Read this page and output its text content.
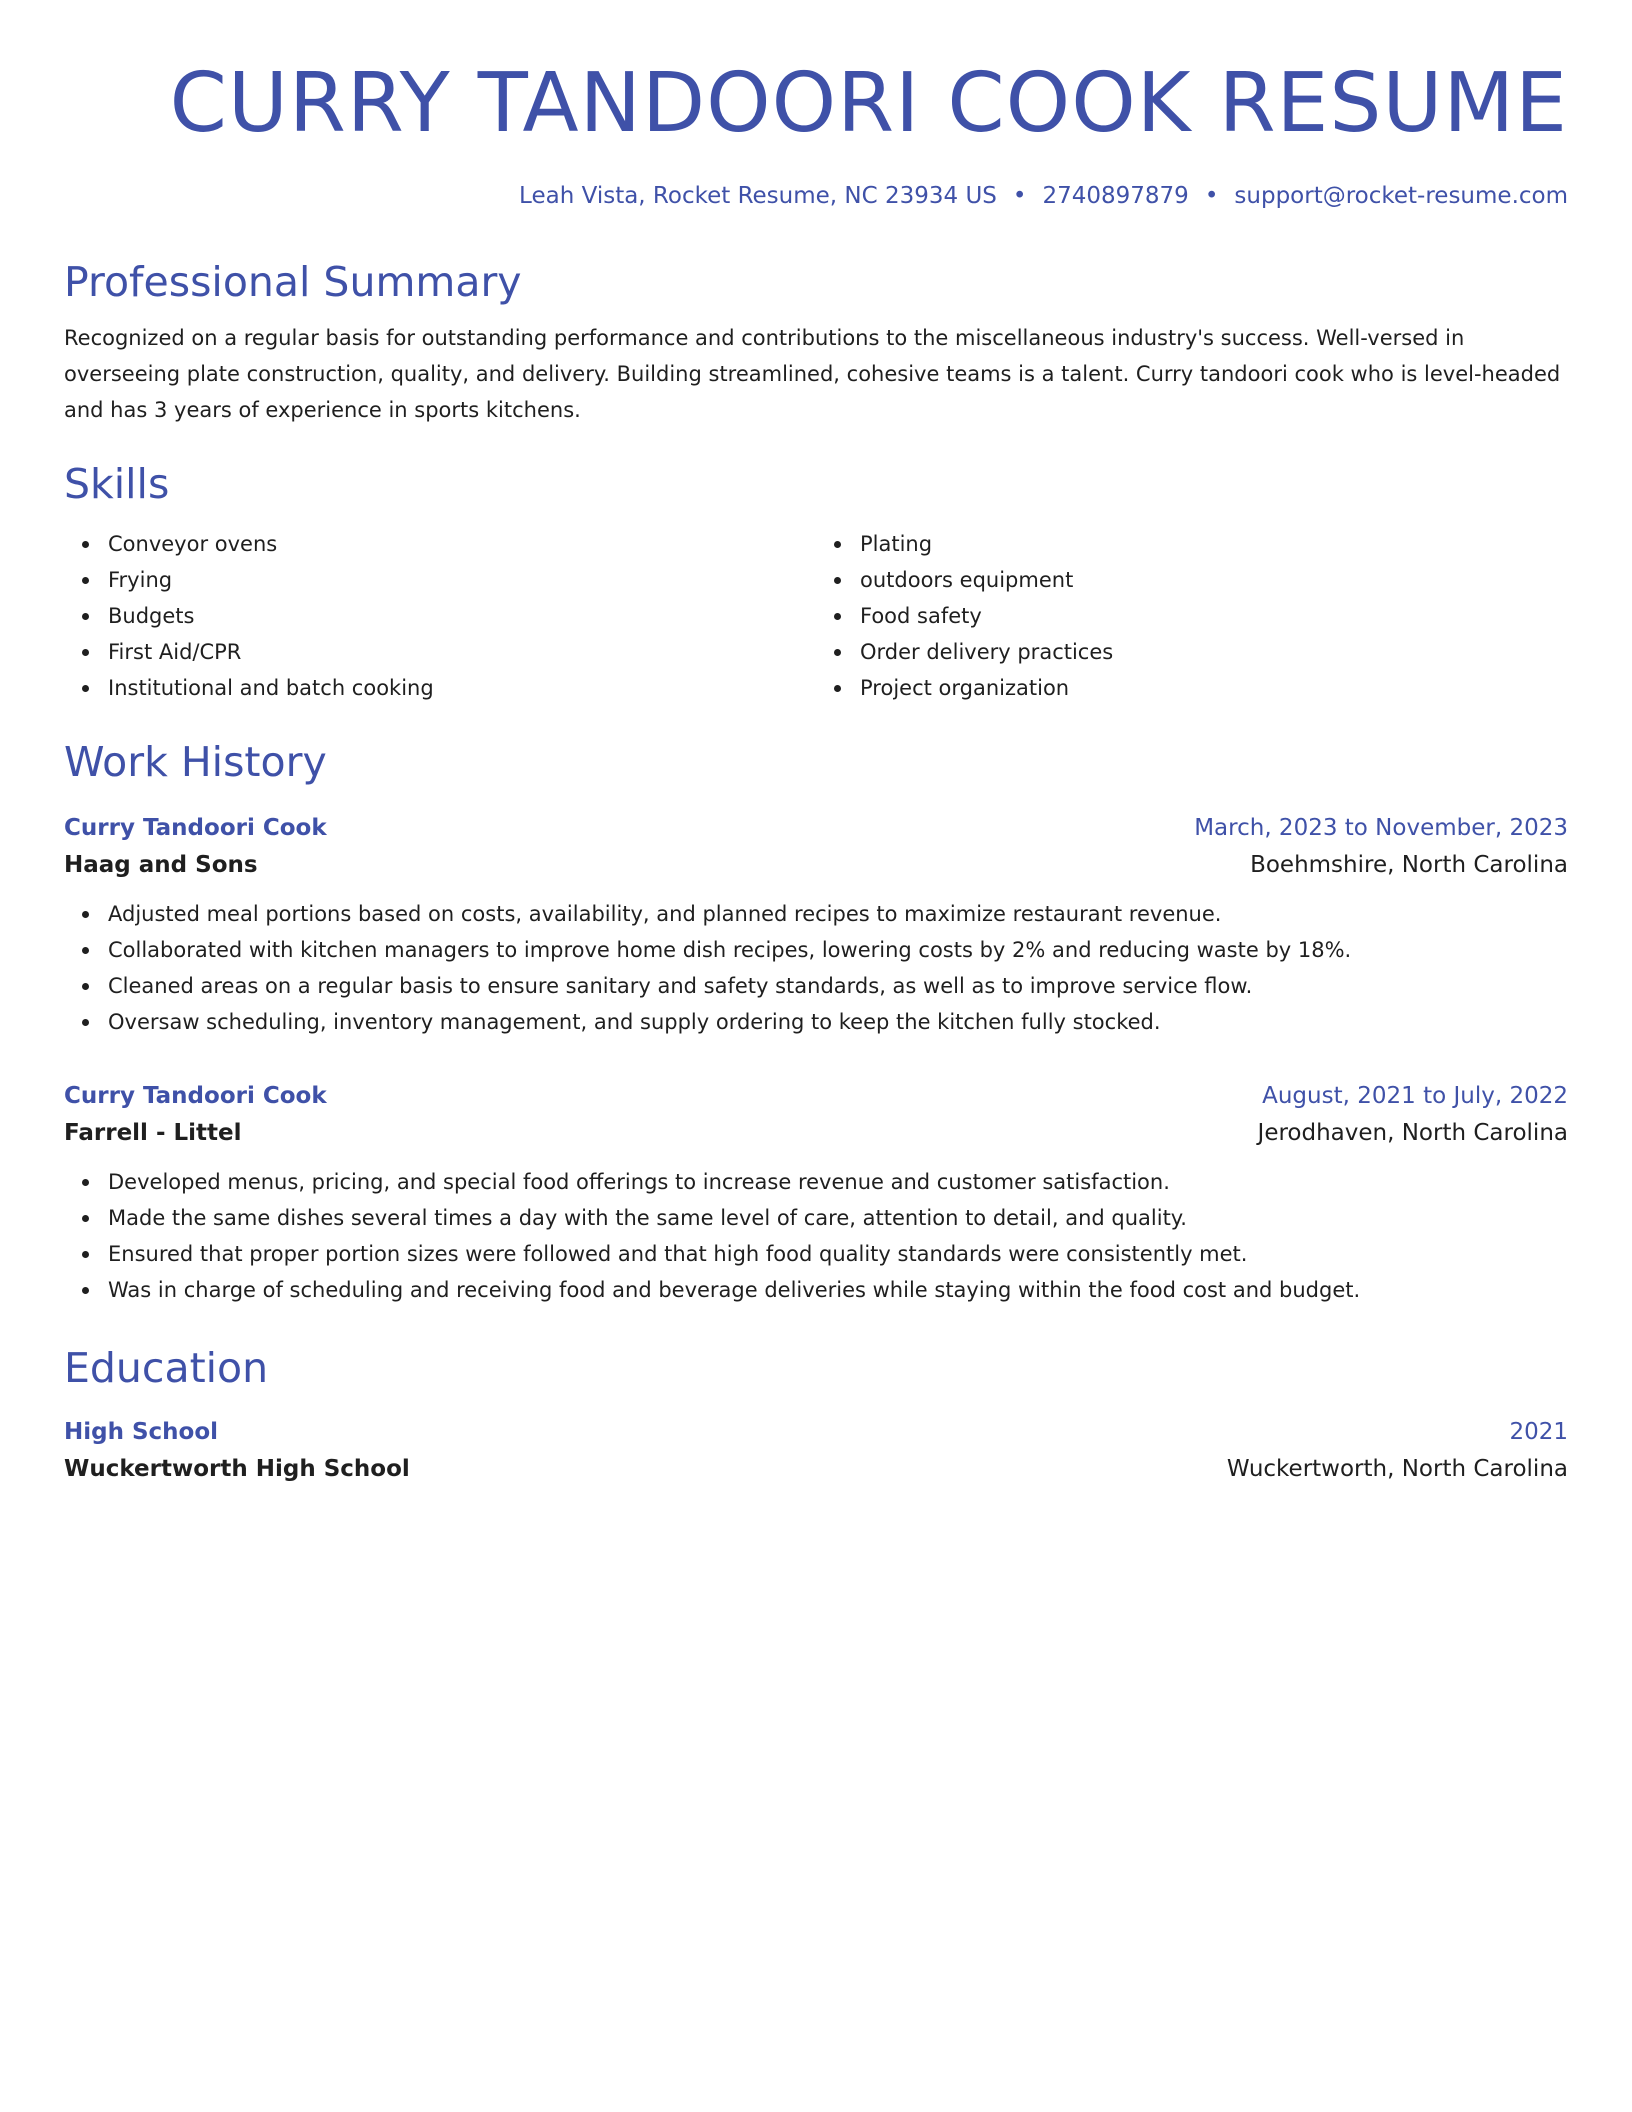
CURRY TANDOORI COOK RESUME
Leah Vista, Rocket Resume, NC 23934 US • 2740897879 • support@rocket-resume.com
Professional Summary

Recognized on a regular basis for outstanding performance and contributions to the miscellaneous industry's success. Well-versed in overseeing plate construction, quality, and delivery. Building streamlined, cohesive teams is a talent. Curry tandoori cook who is level-headed and has 3 years of experience in sports kitchens.

Skills
Conveyor ovens
Frying
Budgets
First Aid/CPR
Institutional and batch cooking
Plating
outdoors equipment
Food safety
Order delivery practices
Project organization
Work History
Curry Tandoori Cook	March, 2023 to November, 2023
Haag and Sons	Boehmshire, North Carolina
Adjusted meal portions based on costs, availability, and planned recipes to maximize restaurant revenue.
Collaborated with kitchen managers to improve home dish recipes, lowering costs by 2% and reducing waste by 18%.
Cleaned areas on a regular basis to ensure sanitary and safety standards, as well as to improve service flow.
Oversaw scheduling, inventory management, and supply ordering to keep the kitchen fully stocked.
Curry Tandoori Cook	August, 2021 to July, 2022
Farrell - Littel	Jerodhaven, North Carolina
Developed menus, pricing, and special food offerings to increase revenue and customer satisfaction.
Made the same dishes several times a day with the same level of care, attention to detail, and quality.
Ensured that proper portion sizes were followed and that high food quality standards were consistently met.
Was in charge of scheduling and receiving food and beverage deliveries while staying within the food cost and budget.
Education
High School	2021
Wuckertworth High School	Wuckertworth, North Carolina
